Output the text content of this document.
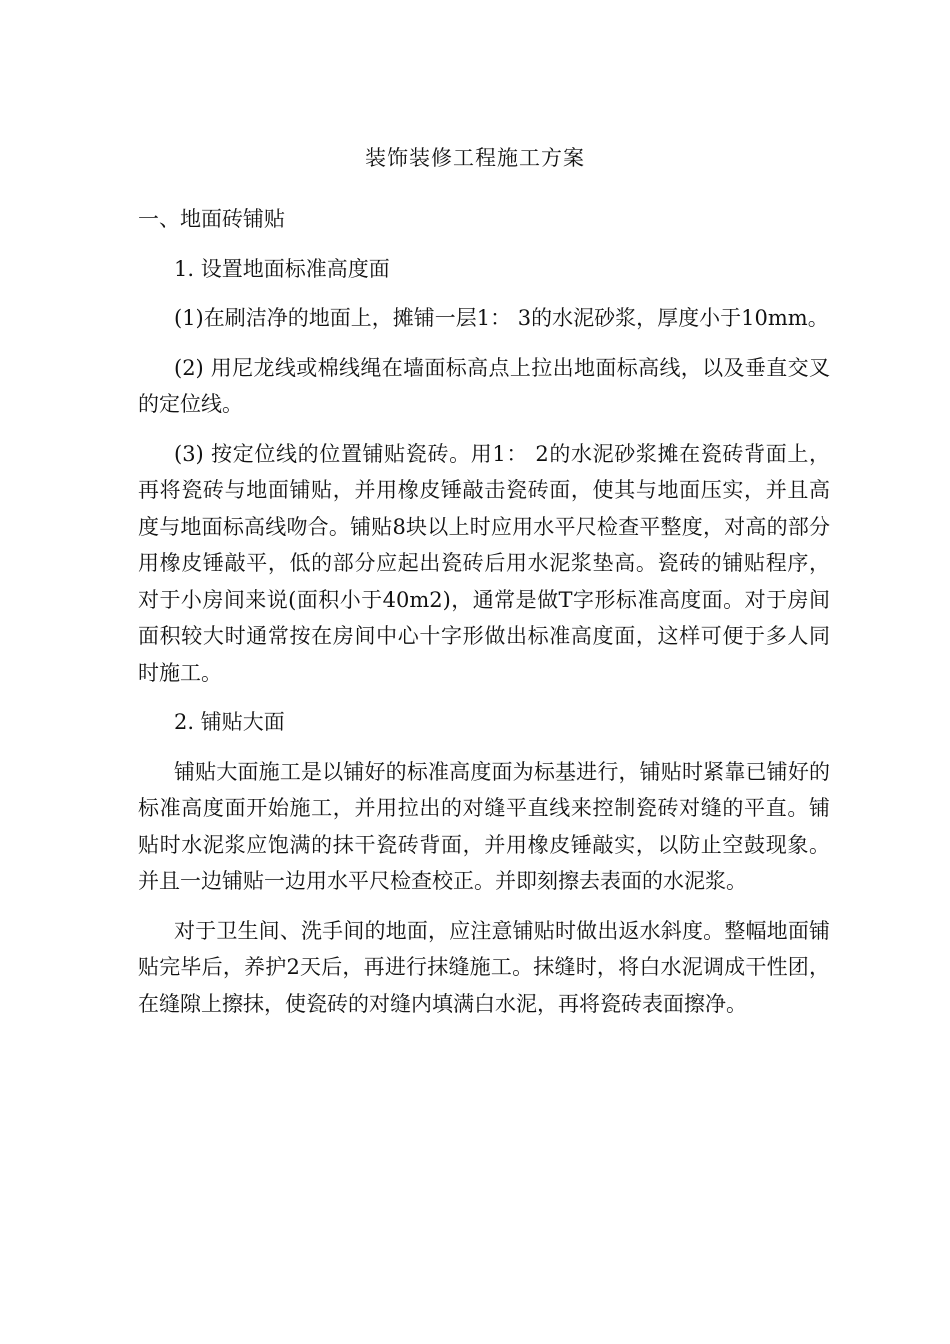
装饰装修工程施工方案

一、地面砖铺贴

1. 设置地面标准高度面

(1)在刷洁净的地面上，摊铺一层1： 3的水泥砂浆，厚度小于10mm。

(2) 用尼龙线或棉线绳在墙面标高点上拉出地面标高线，以及垂直交叉的定位线。

(3) 按定位线的位置铺贴瓷砖。用1： 2的水泥砂浆摊在瓷砖背面上，再将瓷砖与地面铺贴，并用橡皮锤敲击瓷砖面，使其与地面压实，并且高度与地面标高线吻合。铺贴8块以上时应用水平尺检查平整度，对高的部分用橡皮锤敲平，低的部分应起出瓷砖后用水泥浆垫高。瓷砖的铺贴程序，对于小房间来说(面积小于40m2)，通常是做T字形标准高度面。对于房间面积较大时通常按在房间中心十字形做出标准高度面，这样可便于多人同时施工。

2. 铺贴大面

铺贴大面施工是以铺好的标准高度面为标基进行，铺贴时紧靠已铺好的标准高度面开始施工，并用拉出的对缝平直线来控制瓷砖对缝的平直。铺贴时水泥浆应饱满的抹干瓷砖背面，并用橡皮锤敲实，以防止空鼓现象。并且一边铺贴一边用水平尺检查校正。并即刻擦去表面的水泥浆。

对于卫生间、洗手间的地面，应注意铺贴时做出返水斜度。整幅地面铺贴完毕后，养护2天后，再进行抹缝施工。抹缝时，将白水泥调成干性团，在缝隙上擦抹，使瓷砖的对缝内填满白水泥，再将瓷砖表面擦净。
